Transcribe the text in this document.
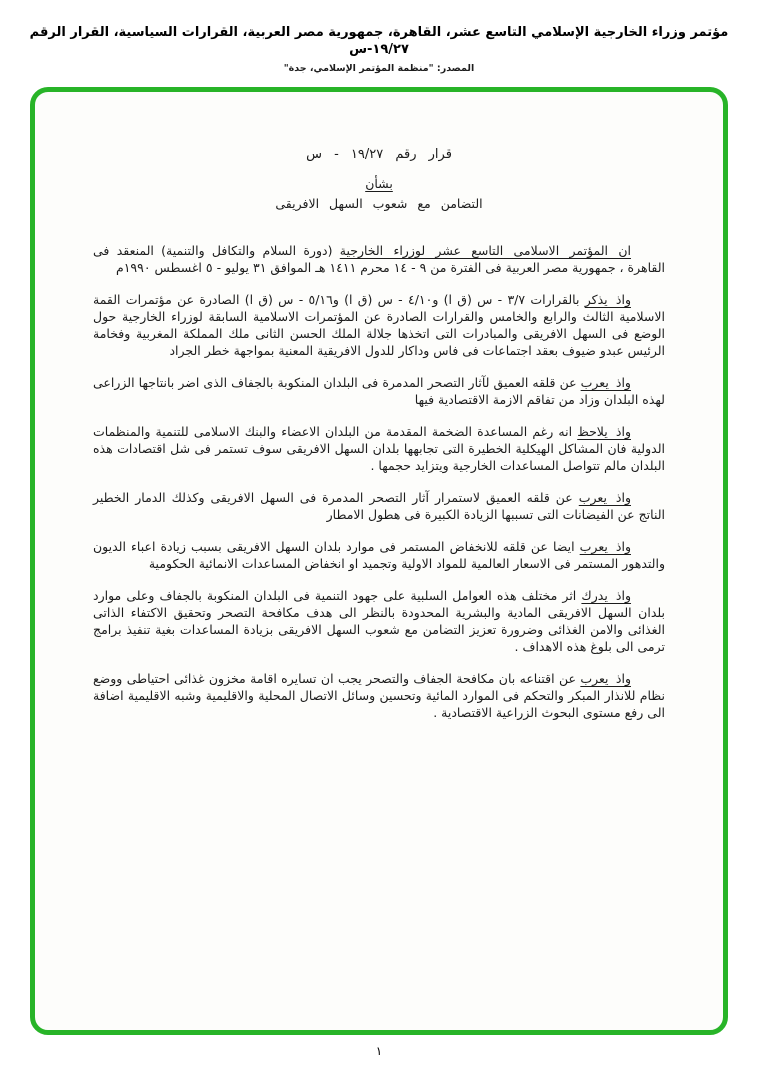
مؤتمر وزراء الخارجية الإسلامي التاسع عشر، القاهرة، جمهورية مصر العربية، القرارات السياسية، القرار الرقم ١٩/٢٧-س
المصدر: "منظمة المؤتمر الإسلامي، جدة"
قرار رقم ١٩/٢٧ - س
بشأن
التضامن مع شعوب السهل الافريقى

ان المؤتمر الاسلامى التاسع عشر لوزراء الخارجية (دورة السلام والتكافل والتنمية) المنعقد فى القاهرة ، جمهورية مصر العربية فى الفترة من ٩ - ١٤ محرم ١٤١١ هـ الموافق ٣١ يوليو - ٥ اغسطس ١٩٩٠م

واذ يذكر بالقرارات ٣/٧ - س (ق ا) و٤/١٠ - س (ق ا) و٥/١٦ - س (ق ا) الصادرة عن مؤتمرات القمة الاسلامية الثالث والرابع والخامس والقرارات الصادرة عن المؤتمرات الاسلامية السابقة لوزراء الخارجية حول الوضع فى السهل الافريقى والمبادرات التى اتخذها جلالة الملك الحسن الثانى ملك المملكة المغربية وفخامة الرئيس عبدو ضيوف بعقد اجتماعات فى فاس وداكار للدول الافريقية المعنية بمواجهة خطر الجراد

واذ يعرب عن قلقه العميق لآثار التصحر المدمرة فى البلدان المنكوبة بالجفاف الذى اضر بانتاجها الزراعى لهذه البلدان وزاد من تفاقم الازمة الاقتصادية فيها

واذ يلاحظ انه رغم المساعدة الضخمة المقدمة من البلدان الاعضاء والبنك الاسلامى للتنمية والمنظمات الدولية فان المشاكل الهيكلية الخطيرة التى تجابهها بلدان السهل الافريقى سوف تستمر فى شل اقتصادات هذه البلدان مالم تتواصل المساعدات الخارجية ويتزايد حجمها .

واذ يعرب عن قلقه العميق لاستمرار آثار التصحر المدمرة فى السهل الافريقى وكذلك الدمار الخطير الناتج عن الفيضانات التى تسببها الزيادة الكبيرة فى هطول الامطار

واذ يعرب ايضا عن قلقه للانخفاض المستمر فى موارد بلدان السهل الافريقى بسبب زيادة اعباء الديون والتدهور المستمر فى الاسعار العالمية للمواد الاولية وتجميد او انخفاض المساعدات الانمائية الحكومية

واذ يدرك اثر مختلف هذه العوامل السلبية على جهود التنمية فى البلدان المنكوبة بالجفاف وعلى موارد بلدان السهل الافريقى المادية والبشرية المحدودة بالنظر الى هدف مكافحة التصحر وتحقيق الاكتفاء الذاتى الغذائى والامن الغذائى وضرورة تعزيز التضامن مع شعوب السهل الافريقى بزيادة المساعدات بغية تنفيذ برامج ترمى الى بلوغ هذه الاهداف .

واذ يعرب عن اقتناعه بان مكافحة الجفاف والتصحر يجب ان تسايره اقامة مخزون غذائى احتياطى ووضع نظام للانذار المبكر والتحكم فى الموارد المائية وتحسين وسائل الاتصال المحلية والاقليمية وشبه الاقليمية اضافة الى رفع مستوى البحوث الزراعية الاقتصادية .

١
